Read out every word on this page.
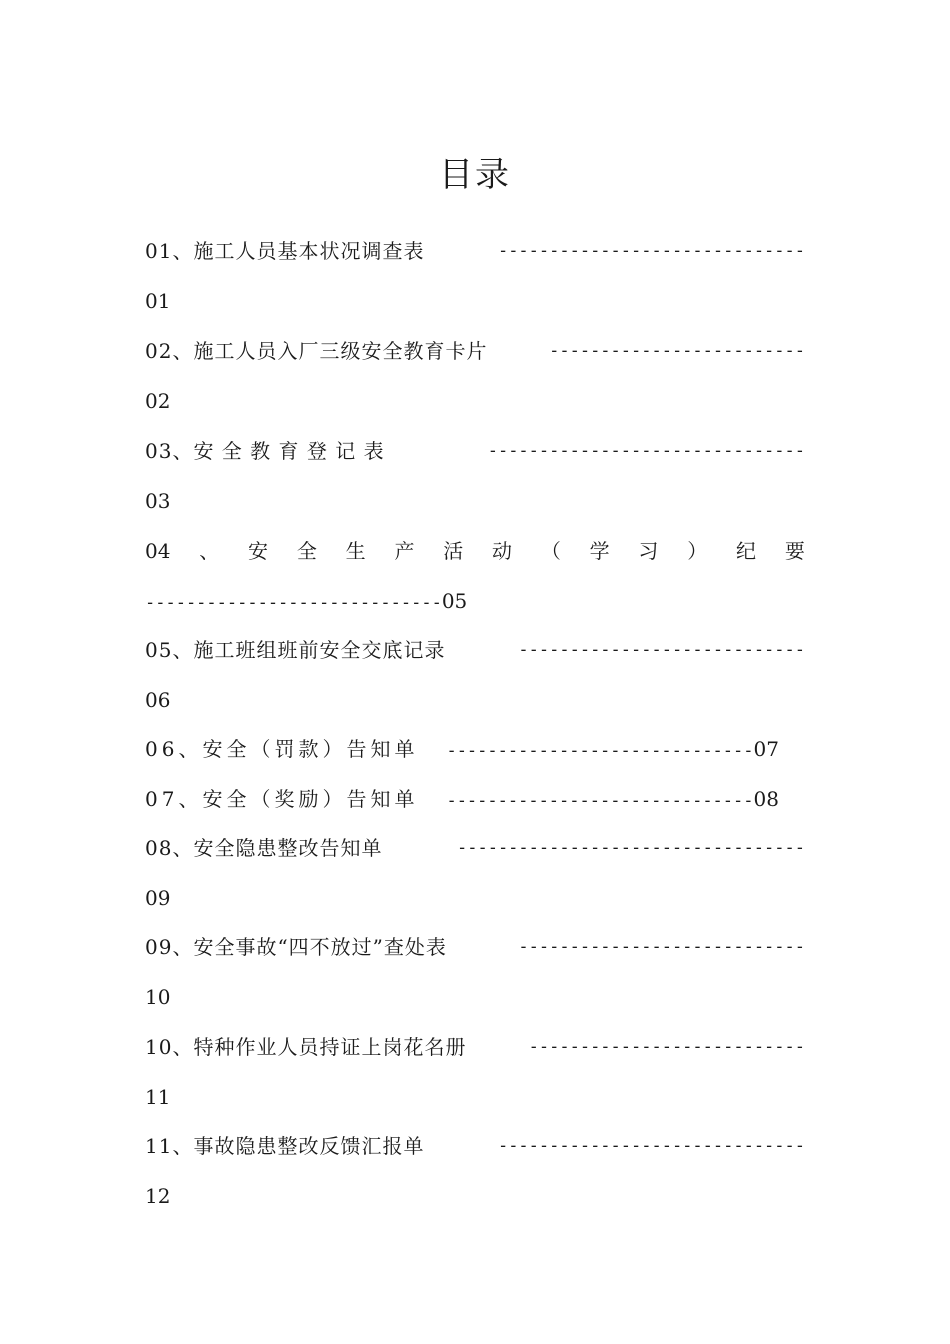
目录
01、施工人员基本状况调查表	------------------------------
01
02、施工人员入厂三级安全教育卡片	-------------------------
02
03、安 全 教 育 登 记 表	-------------------------------
03
04 、 安 全 生 产 活 动 （ 学 习 ） 纪 要
-----------------------------05
05、施工班组班前安全交底记录	----------------------------
06
06、安全（罚款）告知单 ------------------------------07
07、安全（奖励）告知单 ------------------------------08
08、安全隐患整改告知单	----------------------------------
09
09、安全事故“四不放过”查处表	----------------------------
10
10、特种作业人员持证上岗花名册	---------------------------
11
11、事故隐患整改反馈汇报单	------------------------------
12
